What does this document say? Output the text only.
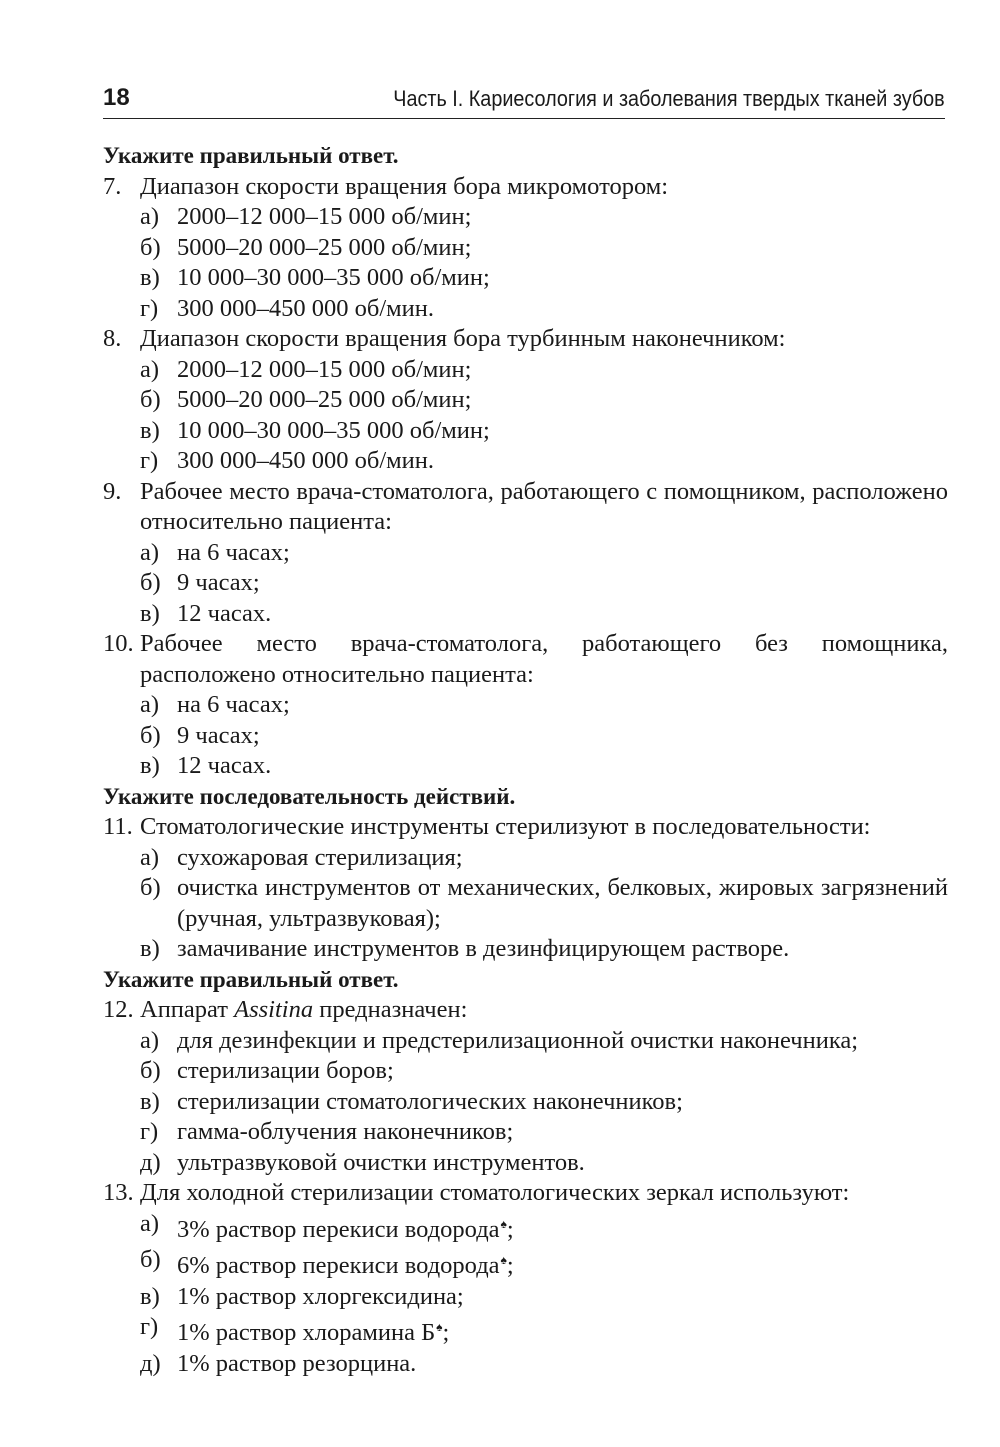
18	Часть I. Кариесология и заболевания твердых тканей зубов
Укажите правильный ответ.
7. Диапазон скорости вращения бора микромотором:
а) 2000–12 000–15 000 об/мин;
б) 5000–20 000–25 000 об/мин;
в) 10 000–30 000–35 000 об/мин;
г) 300 000–450 000 об/мин.
8. Диапазон скорости вращения бора турбинным наконечником:
а) 2000–12 000–15 000 об/мин;
б) 5000–20 000–25 000 об/мин;
в) 10 000–30 000–35 000 об/мин;
г) 300 000–450 000 об/мин.
9. Рабочее место врача-стоматолога, работающего с помощником, расположено относительно пациента:
а) на 6 часах;
б) 9 часах;
в) 12 часах.
10. Рабочее место врача-стоматолога, работающего без помощника, расположено относительно пациента:
а) на 6 часах;
б) 9 часах;
в) 12 часах.
Укажите последовательность действий.
11. Стоматологические инструменты стерилизуют в последовательности:
а) сухожаровая стерилизация;
б) очистка инструментов от механических, белковых, жировых загрязнений (ручная, ультразвуковая);
в) замачивание инструментов в дезинфицирующем растворе.
Укажите правильный ответ.
12. Аппарат Assitina предназначен:
а) для дезинфекции и предстерилизационной очистки наконечника;
б) стерилизации боров;
в) стерилизации стоматологических наконечников;
г) гамма-облучения наконечников;
д) ультразвуковой очистки инструментов.
13. Для холодной стерилизации стоматологических зеркал используют:
а) 3% раствор перекиси водорода♠;
б) 6% раствор перекиси водорода♠;
в) 1% раствор хлоргексидина;
г) 1% раствор хлорамина Б♠;
д) 1% раствор резорцина.
